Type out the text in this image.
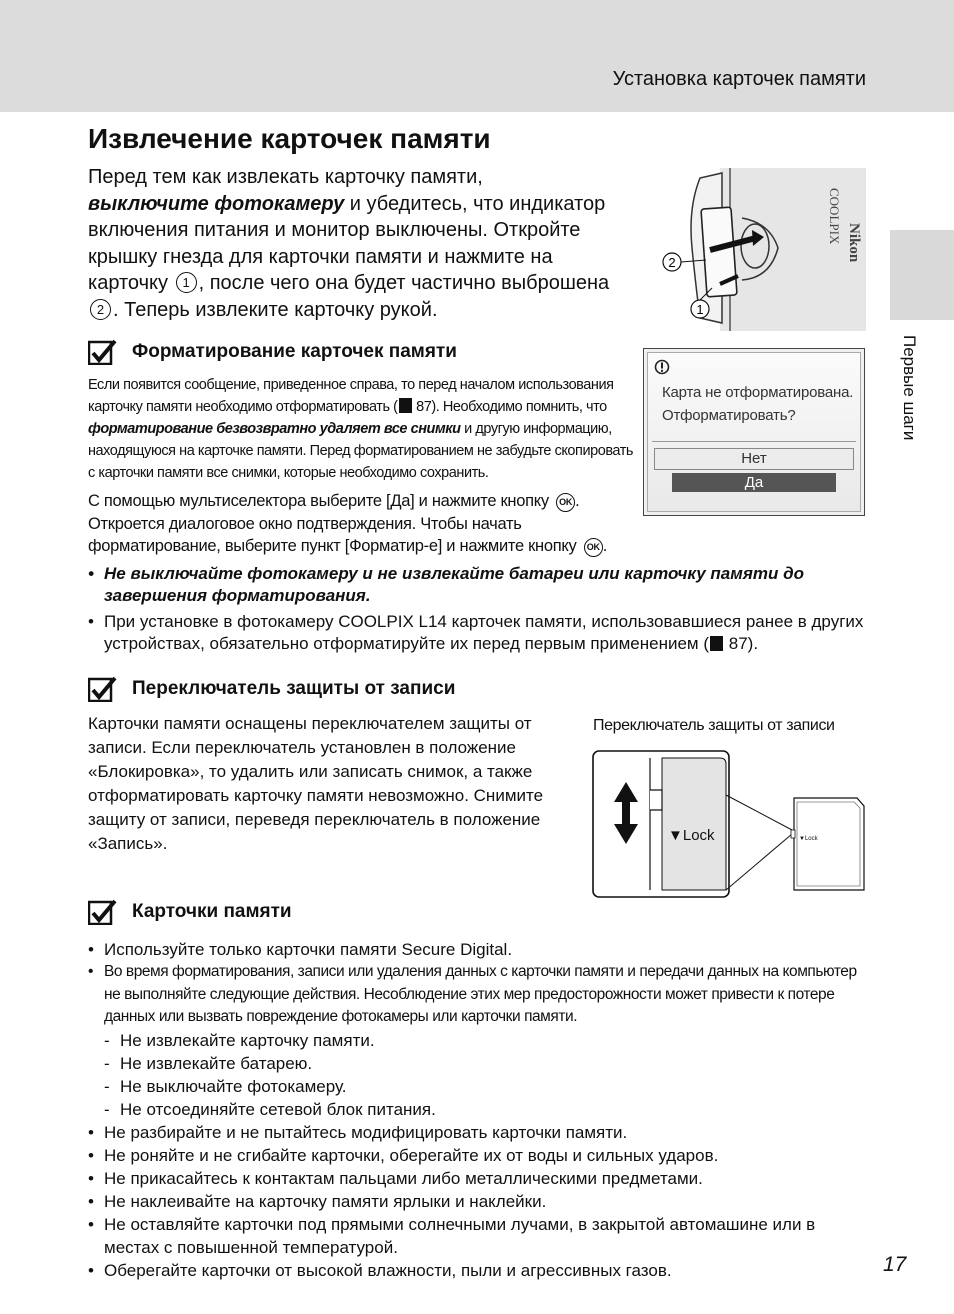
Установка карточек памяти
Первые шаги
Извлечение карточек памяти
Перед тем как извлекать карточку памяти,
выключите фотокамеру и убедитесь, что индикатор включения питания и монитор выключены. Откройте крышку гнезда для карточки памяти и нажмите на карточку 1 , после чего она будет частично выброшена 2 . Теперь извлеките карточку рукой.
Nikon
COOLPIX
2
1
Форматирование карточек памяти
Если появится сообщение, приведенное справа, то перед началом использования карточку памяти необходимо отформатировать ( 87). Необходимо помнить, что форматирование безвозвратно удаляет все снимки и другую информацию, находящуюся на карточке памяти. Перед форматированием не забудьте скопировать с карточки памяти все снимки, которые необходимо сохранить.
С помощью мультиселектора выберите [Да] и нажмите кнопку OK . Откроется диалоговое окно подтверждения. Чтобы начать форматирование, выберите пункт [Форматир-е] и нажмите кнопку OK .
Карта не отформатирована.
Отформатировать?
Нет
Да
• Не выключайте фотокамеру и не извлекайте батареи или карточку памяти до завершения форматирования.
• При установке в фотокамеру COOLPIX L14 карточек памяти, использовавшиеся ранее в других устройствах, обязательно отформатируйте их перед первым применением ( 87).
Переключатель защиты от записи
Карточки памяти оснащены переключателем защиты от записи. Если переключатель установлен в положение «Блокировка», то удалить или записать снимок, а также отформатировать карточку памяти невозможно. Снимите защиту от записи, переведя переключатель в положение «Запись».
Переключатель защиты от записи
▼Lock	▼Lock
Карточки памяти
• Используйте только карточки памяти Secure Digital.
• Во время форматирования, записи или удаления данных с карточки памяти и передачи данных на компьютер не выполняйте следующие действия. Несоблюдение этих мер предосторожности может привести к потере данных или вызвать повреждение фотокамеры или карточки памяти.
- Не извлекайте карточку памяти.
- Не извлекайте батарею.
- Не выключайте фотокамеру.
- Не отсоединяйте сетевой блок питания.
• Не разбирайте и не пытайтесь модифицировать карточки памяти.
• Не роняйте и не сгибайте карточки, оберегайте их от воды и сильных ударов.
• Не прикасайтесь к контактам пальцами либо металлическими предметами.
• Не наклеивайте на карточку памяти ярлыки и наклейки.
• Не оставляйте карточки под прямыми солнечными лучами, в закрытой автомашине или в местах с повышенной температурой.
• Оберегайте карточки от высокой влажности, пыли и агрессивных газов.	17
